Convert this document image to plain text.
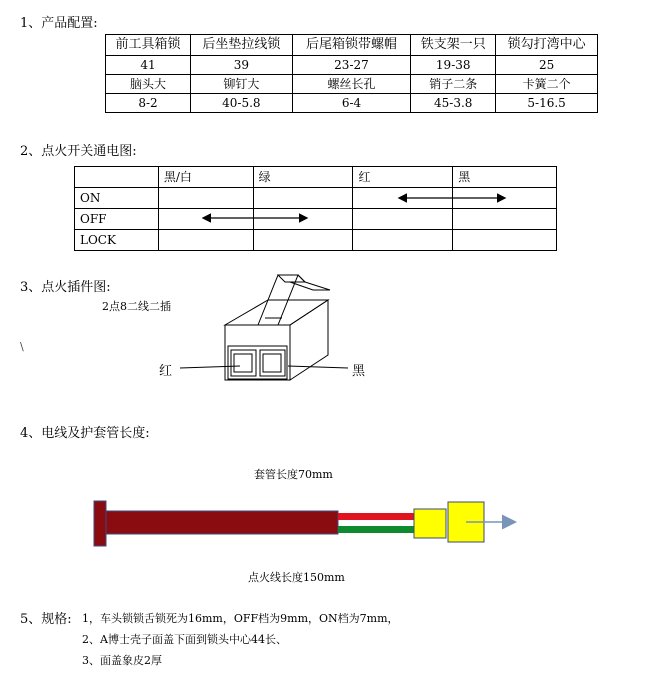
1、产品配置:
前工具箱锁	后坐垫拉线锁	后尾箱锁带螺帽	铁支架一只	锁勾打湾中心
41	39	23-27	19-38	25
脑头大	铆钉大	螺丝长孔	销子二条	卡簧二个
8-2	40-5.8	6-4	45-3.8	5-16.5
2、点火开关通电图:
	黑/白	绿	红	黑
ON				
OFF				
LOCK				
3、点火插件图:
2点8二线二插
\
红	黑
4、电线及护套管长度:
套管长度70mm
点火线长度150mm
5、规格: 1，车头锁锁舌锁死为16mm，OFF档为9mm，ON档为7mm，
2、A博士壳子面盖下面到锁头中心44长、
3、面盖象皮2厚
